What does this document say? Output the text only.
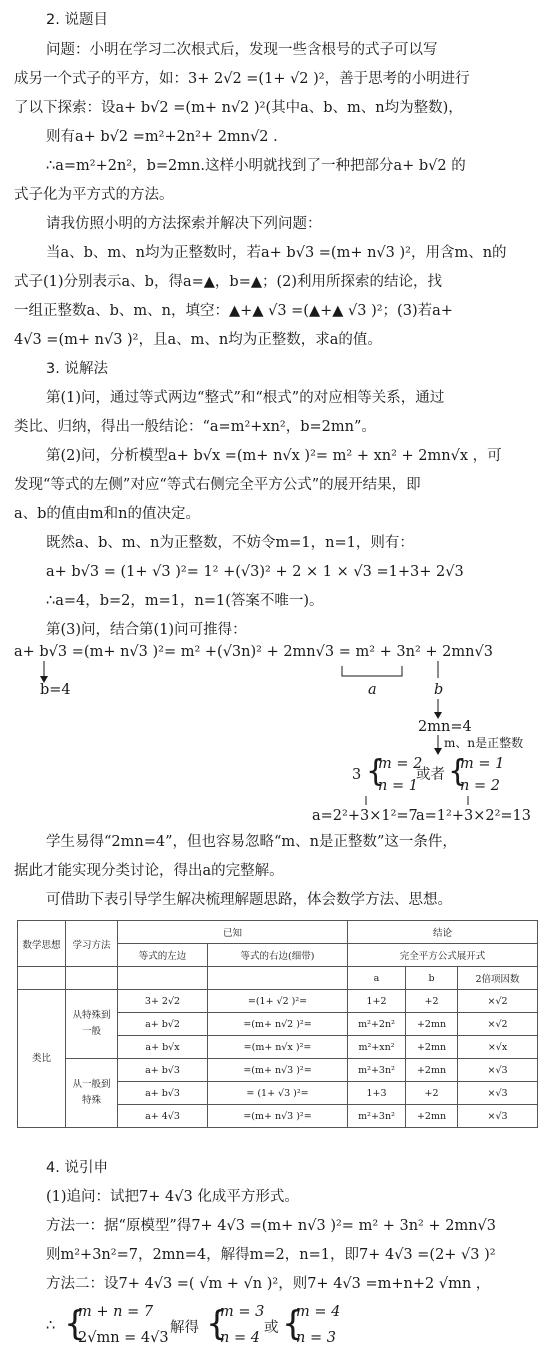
2. 说题目
问题：小明在学习二次根式后，发现一些含根号的式子可以写
成另一个式子的平方，如：3+ 2√2 =(1+ √2 )²，善于思考的小明进行
了以下探索：设a+ b√2 =(m+ n√2 )²(其中a、b、m、n均为整数)，
则有a+ b√2 =m²+2n²+ 2mn√2 .
∴a=m²+2n²，b=2mn.这样小明就找到了一种把部分a+ b√2 的
式子化为平方式的方法。
请我仿照小明的方法探索并解决下列问题：
当a、b、m、n均为正整数时，若a+ b√3 =(m+ n√3 )²，用含m、n的
式子(1)分别表示a、b，得a=▲，b=▲；(2)利用所探索的结论，找
一组正整数a、b、m、n，填空：▲+▲ √3 =(▲+▲ √3 )²；(3)若a+
4√3 =(m+ n√3 )²，且a、m、n均为正整数，求a的值。
3. 说解法
第(1)问，通过等式两边“整式”和“根式”的对应相等关系，通过
类比、归纳，得出一般结论：“a=m²+xn²，b=2mn”。
第(2)问，分析模型a+ b√x =(m+ n√x )²= m² + xn² + 2mn√x ，可
发现“等式的左侧”对应“等式右侧完全平方公式”的展开结果，即
a、b的值由m和n的值决定。
既然a、b、m、n为正整数，不妨令m=1，n=1，则有：
a+ b√3 = (1+ √3 )²= 1² +(√3)² + 2 × 1 × √3 =1+3+ 2√3
∴a=4，b=2，m=1，n=1(答案不唯一)。
第(3)问，结合第(1)问可推得：
学生易得“2mn=4”，但也容易忽略“m、n是正整数”这一条件，
据此才能实现分类讨论，得出a的完整解。
可借助下表引导学生解决梳理解题思路，体会数学方法、思想。
4. 说引申
(1)追问：试把7+ 4√3 化成平方形式。
方法一：据“原模型”得7+ 4√3 =(m+ n√3 )²= m² + 3n² + 2mn√3
则m²+3n²=7，2mn=4，解得m=2，n=1，即7+ 4√3 =(2+ √3 )²
方法二：设7+ 4√3 =( √m + √n )²，则7+ 4√3 =m+n+2 √mn ，
a+ b√3 =(m+ n√3 )²= m² +(√3n)² + 2mn√3 = m² + 3n² + 2mn√3
b=4	a	b
2mn=4
m、n是正整数
3 {
m = 2
n = 1
或者 {
m = 1
n = 2
a=2²+3×1²=7
a=1²+3×2²=13
数学思想	学习方法	已知		结论		
		等式的左边	等式的右边(细带)	完全平方公式展开式		
				a	b	2倍项因数
类比	从特殊到一般	3+ 2√2	=(1+ √2 )²=	1+2	+2	×√2
		a+ b√2	=(m+ n√2 )²=	m²+2n²	+2mn	×√2
		a+ b√x	=(m+ n√x )²=	m²+xn²	+2mn	×√x
	从一般到特殊	a+ b√3	=(m+ n√3 )²=	m²+3n²	+2mn	×√3
		a+ b√3	= (1+ √3 )²=	1+3	+2	×√3
		a+ 4√3	=(m+ n√3 )²=	m²+3n²	+2mn	×√3
∴ {
m + n = 7
2√mn = 4√3
解得 {
m = 3
n = 4
或 {
m = 4
n = 3
